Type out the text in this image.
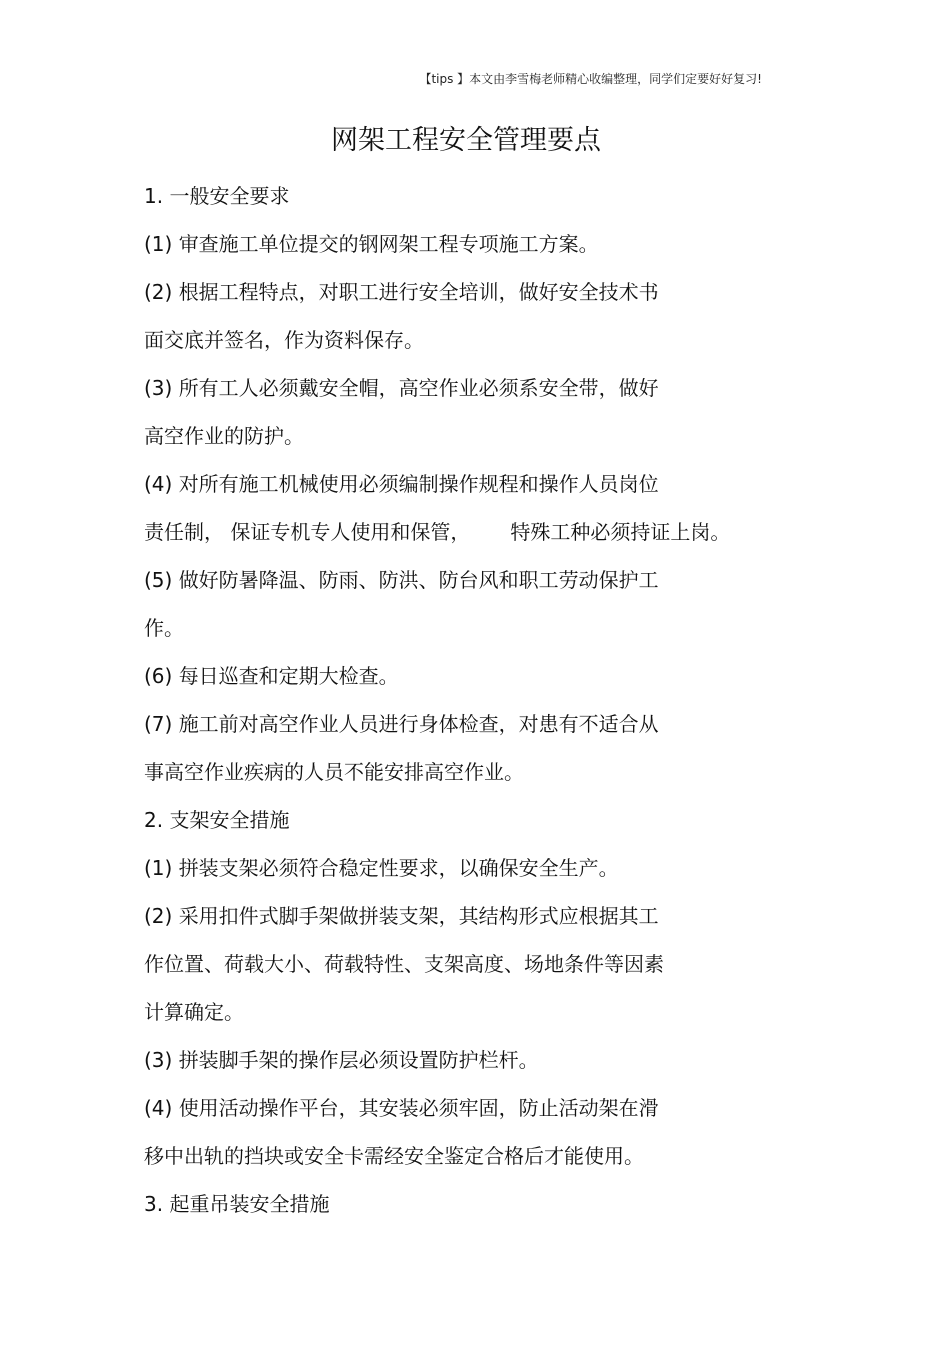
【tips 】本文由李雪梅老师精心收编整理，同学们定要好好复习!
网架工程安全管理要点
1. 一般安全要求
(1) 审查施工单位提交的钢网架工程专项施工方案。
(2) 根据工程特点，对职工进行安全培训，做好安全技术书
面交底并签名，作为资料保存。
(3) 所有工人必须戴安全帽，高空作业必须系安全带，做好
高空作业的防护。
(4) 对所有施工机械使用必须编制操作规程和操作人员岗位
责任制， 保证专机专人使用和保管， 特殊工种必须持证上岗。
(5) 做好防暑降温、防雨、防洪、防台风和职工劳动保护工
作。
(6) 每日巡查和定期大检查。
(7) 施工前对高空作业人员进行身体检查，对患有不适合从
事高空作业疾病的人员不能安排高空作业。
2. 支架安全措施
(1) 拼装支架必须符合稳定性要求，以确保安全生产。
(2) 采用扣件式脚手架做拼装支架，其结构形式应根据其工
作位置、荷载大小、荷载特性、支架高度、场地条件等因素
计算确定。
(3) 拼装脚手架的操作层必须设置防护栏杆。
(4) 使用活动操作平台，其安装必须牢固，防止活动架在滑
移中出轨的挡块或安全卡需经安全鉴定合格后才能使用。
3. 起重吊装安全措施
